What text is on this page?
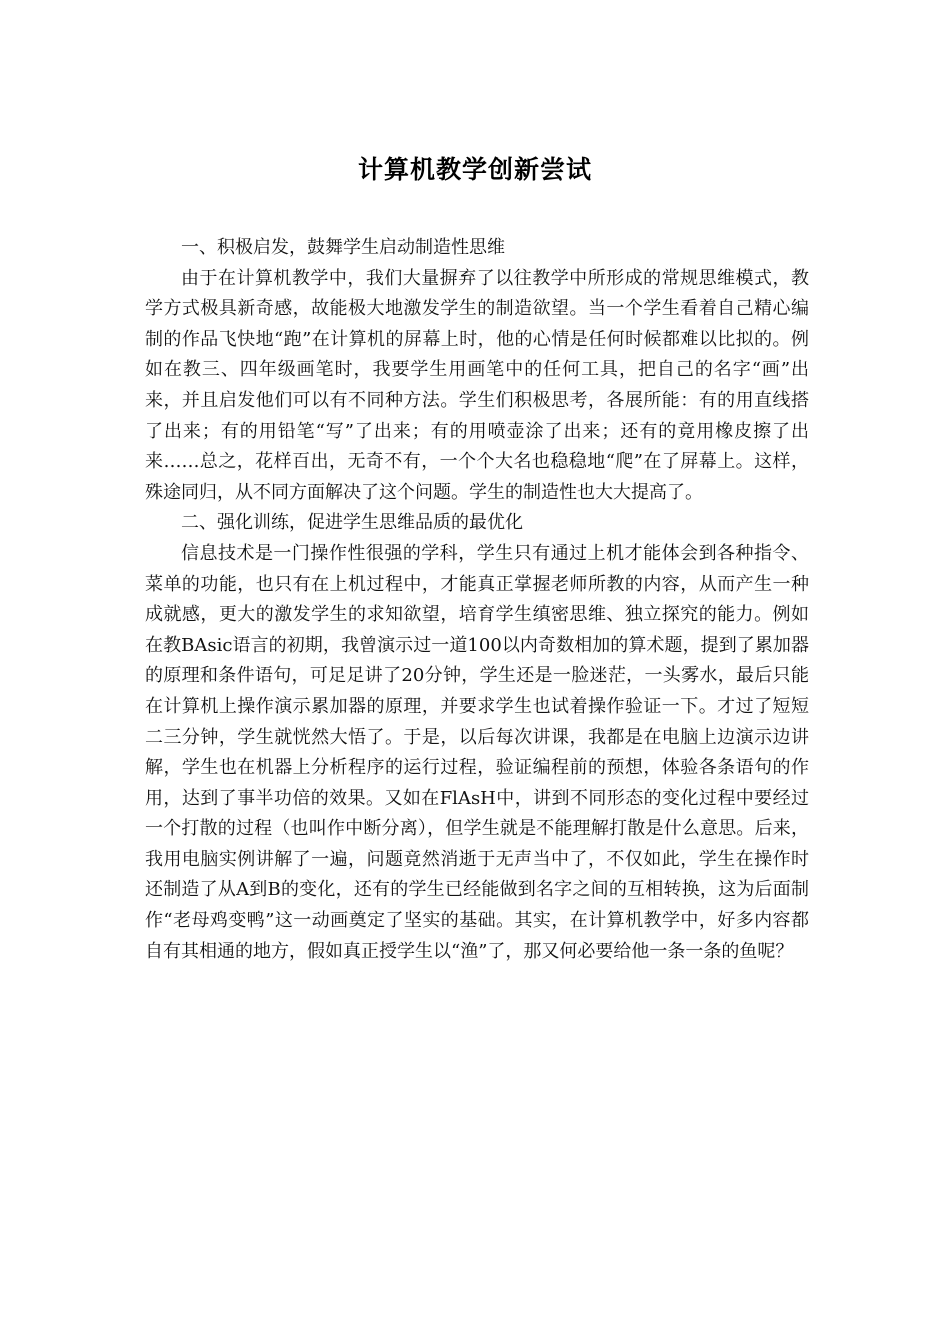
计算机教学创新尝试

一、积极启发，鼓舞学生启动制造性思维

由于在计算机教学中，我们大量摒弃了以往教学中所形成的常规思维模式，教学方式极具新奇感，故能极大地激发学生的制造欲望。当一个学生看着自己精心编制的作品飞快地“跑”在计算机的屏幕上时，他的心情是任何时候都难以比拟的。例如在教三、四年级画笔时，我要学生用画笔中的任何工具，把自己的名字“画”出来，并且启发他们可以有不同种方法。学生们积极思考，各展所能：有的用直线搭了出来；有的用铅笔“写”了出来；有的用喷壶涂了出来；还有的竟用橡皮擦了出来……总之，花样百出，无奇不有，一个个大名也稳稳地“爬”在了屏幕上。这样，殊途同归，从不同方面解决了这个问题。学生的制造性也大大提高了。

二、强化训练，促进学生思维品质的最优化

信息技术是一门操作性很强的学科，学生只有通过上机才能体会到各种指令、菜单的功能，也只有在上机过程中，才能真正掌握老师所教的内容，从而产生一种成就感，更大的激发学生的求知欲望，培育学生缜密思维、独立探究的能力。例如在教BAsic语言的初期，我曾演示过一道100以内奇数相加的算术题，提到了累加器的原理和条件语句，可足足讲了20分钟，学生还是一脸迷茫，一头雾水，最后只能在计算机上操作演示累加器的原理，并要求学生也试着操作验证一下。才过了短短二三分钟，学生就恍然大悟了。于是，以后每次讲课，我都是在电脑上边演示边讲解，学生也在机器上分析程序的运行过程，验证编程前的预想，体验各条语句的作用，达到了事半功倍的效果。又如在FlAsH中，讲到不同形态的变化过程中要经过一个打散的过程（也叫作中断分离），但学生就是不能理解打散是什么意思。后来，我用电脑实例讲解了一遍，问题竟然消逝于无声当中了，不仅如此，学生在操作时还制造了从A到B的变化，还有的学生已经能做到名字之间的互相转换，这为后面制作“老母鸡变鸭”这一动画奠定了坚实的基础。其实，在计算机教学中，好多内容都自有其相通的地方，假如真正授学生以“渔”了，那又何必要给他一条一条的鱼呢？
